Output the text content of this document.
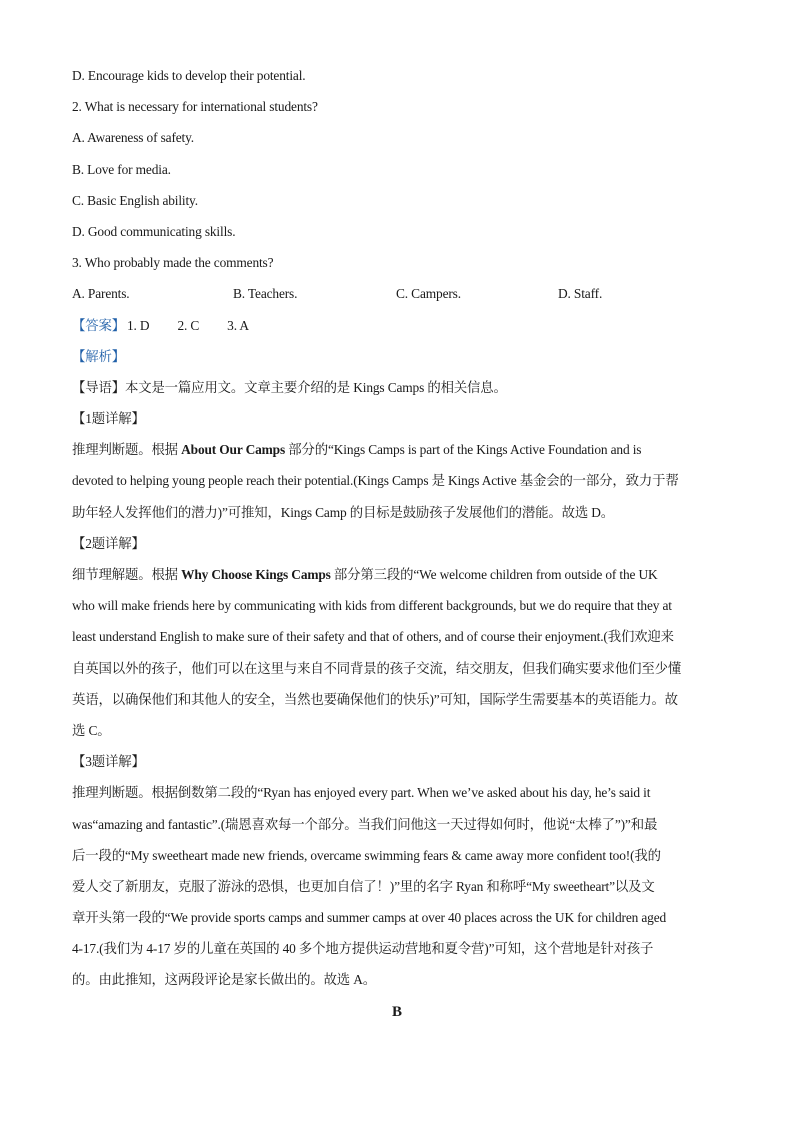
D. Encourage kids to develop their potential.
2. What is necessary for international students?
A. Awareness of safety.
B. Love for media.
C. Basic English ability.
D. Good communicating skills.
3. Who probably made the comments?
A. Parents.	B. Teachers.	C. Campers.	D. Staff.
【答案】 1. D 2. C 3. A
【解析】
【导语】本文是一篇应用文。文章主要介绍的是 Kings Camps 的相关信息。
【1题详解】
推理判断题。根据 About Our Camps 部分的“Kings Camps is part of the Kings Active Foundation and is
devoted to helping young people reach their potential.(Kings Camps 是 Kings Active 基金会的一部分，致力于帮
助年轻人发挥他们的潜力)”可推知，Kings Camp 的目标是鼓励孩子发展他们的潜能。故选 D。
【2题详解】
细节理解题。根据 Why Choose Kings Camps 部分第三段的“We welcome children from outside of the UK
who will make friends here by communicating with kids from different backgrounds, but we do require that they at
least understand English to make sure of their safety and that of others, and of course their enjoyment.(我们欢迎来
自英国以外的孩子，他们可以在这里与来自不同背景的孩子交流，结交朋友，但我们确实要求他们至少懂
英语，以确保他们和其他人的安全，当然也要确保他们的快乐)”可知，国际学生需要基本的英语能力。故
选 C。
【3题详解】
推理判断题。根据倒数第二段的“Ryan has enjoyed every part. When we’ve asked about his day, he’s said it
was“amazing and fantastic”.(瑞恩喜欢每一个部分。当我们问他这一天过得如何时，他说“太棒了”)”和最
后一段的“My sweetheart made new friends, overcame swimming fears & came away more confident too!(我的
爱人交了新朋友，克服了游泳的恐惧，也更加自信了！)”里的名字 Ryan 和称呼“My sweetheart”以及文
章开头第一段的“We provide sports camps and summer camps at over 40 places across the UK for children aged
4-17.(我们为 4-17 岁的儿童在英国的 40 多个地方提供运动营地和夏令营)”可知，这个营地是针对孩子
的。由此推知，这两段评论是家长做出的。故选 A。
B
